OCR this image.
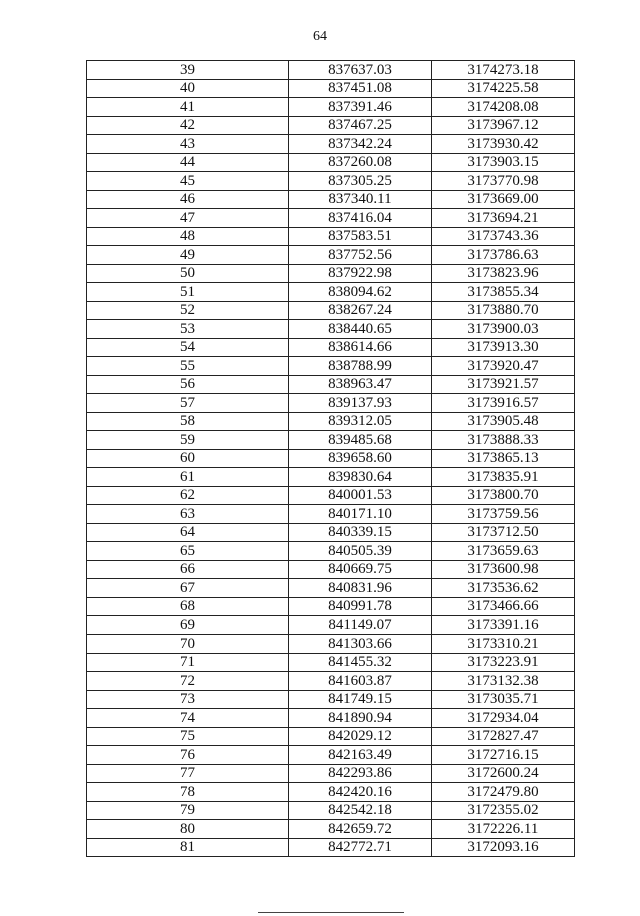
64
39	837637.03	3174273.18
40	837451.08	3174225.58
41	837391.46	3174208.08
42	837467.25	3173967.12
43	837342.24	3173930.42
44	837260.08	3173903.15
45	837305.25	3173770.98
46	837340.11	3173669.00
47	837416.04	3173694.21
48	837583.51	3173743.36
49	837752.56	3173786.63
50	837922.98	3173823.96
51	838094.62	3173855.34
52	838267.24	3173880.70
53	838440.65	3173900.03
54	838614.66	3173913.30
55	838788.99	3173920.47
56	838963.47	3173921.57
57	839137.93	3173916.57
58	839312.05	3173905.48
59	839485.68	3173888.33
60	839658.60	3173865.13
61	839830.64	3173835.91
62	840001.53	3173800.70
63	840171.10	3173759.56
64	840339.15	3173712.50
65	840505.39	3173659.63
66	840669.75	3173600.98
67	840831.96	3173536.62
68	840991.78	3173466.66
69	841149.07	3173391.16
70	841303.66	3173310.21
71	841455.32	3173223.91
72	841603.87	3173132.38
73	841749.15	3173035.71
74	841890.94	3172934.04
75	842029.12	3172827.47
76	842163.49	3172716.15
77	842293.86	3172600.24
78	842420.16	3172479.80
79	842542.18	3172355.02
80	842659.72	3172226.11
81	842772.71	3172093.16
